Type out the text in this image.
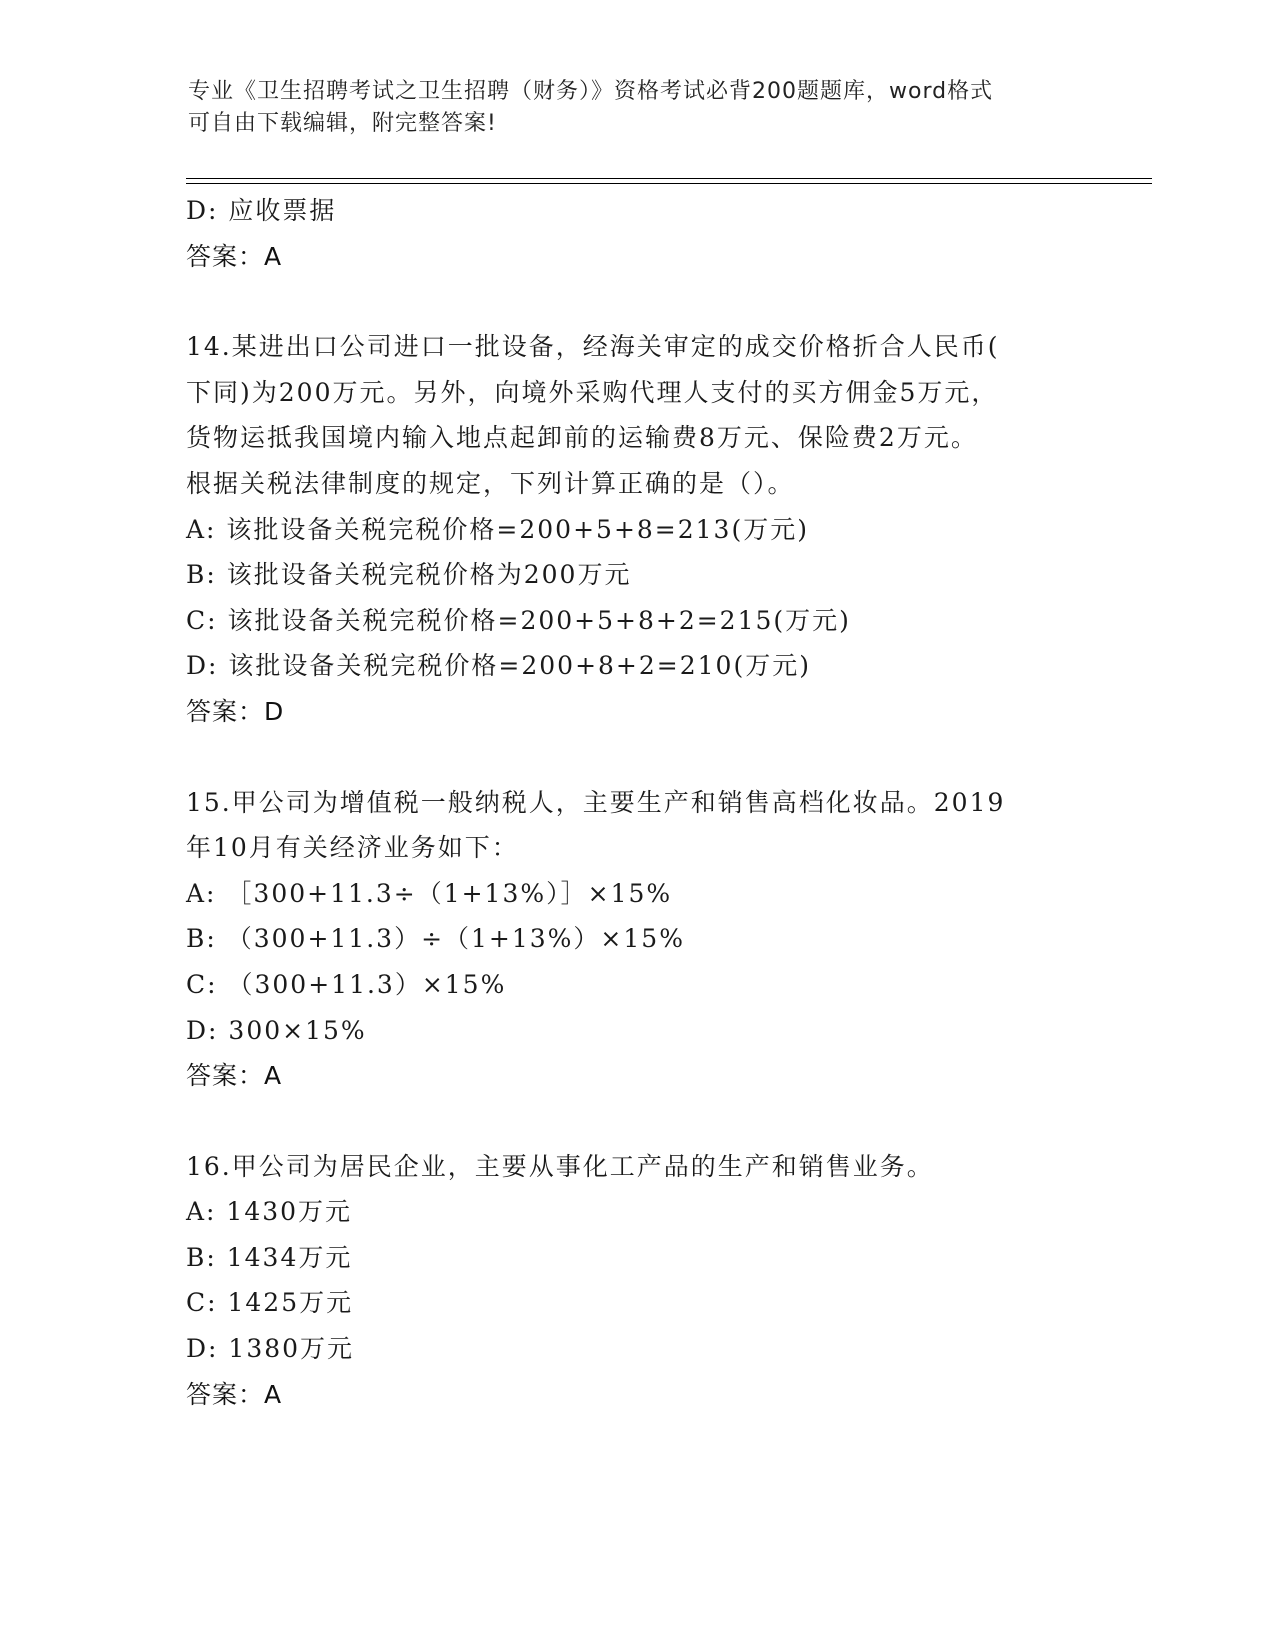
专业《卫生招聘考试之卫生招聘（财务）》资格考试必背200题题库，word格式
可自由下载编辑，附完整答案!
D: 应收票据
答案：A
14.某进出口公司进口一批设备，经海关审定的成交价格折合人民币(
下同)为200万元。另外，向境外采购代理人支付的买方佣金5万元，
货物运抵我国境内输入地点起卸前的运输费8万元、保险费2万元。
根据关税法律制度的规定，下列计算正确的是（）。
A: 该批设备关税完税价格=200+5+8=213(万元)
B: 该批设备关税完税价格为200万元
C: 该批设备关税完税价格=200+5+8+2=215(万元)
D: 该批设备关税完税价格=200+8+2=210(万元)
答案：D
15.甲公司为增值税一般纳税人，主要生产和销售高档化妆品。2019
年10月有关经济业务如下：
A: ［300+11.3÷（1+13%）］×15%
B: （300+11.3）÷（1+13%）×15%
C: （300+11.3）×15%
D: 300×15%
答案：A
16.甲公司为居民企业，主要从事化工产品的生产和销售业务。
A: 1430万元
B: 1434万元
C: 1425万元
D: 1380万元
答案：A
